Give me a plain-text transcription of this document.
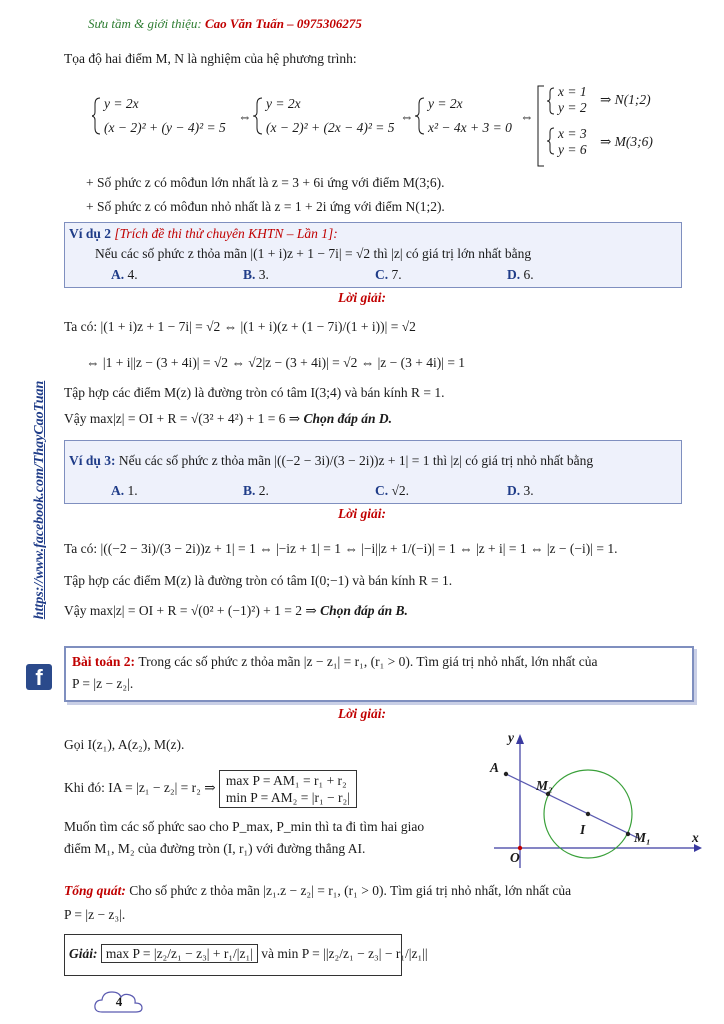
Sưu tầm & giới thiệu: Cao Văn Tuấn – 0975306275
https://www.facebook.com/ThayCaoTuan
f
Tọa độ hai điểm M, N là nghiệm của hệ phương trình:
y = 2x
(x − 2)² + (y − 4)² = 5
⇔
y = 2x
(x − 2)² + (2x − 4)² = 5
⇔
y = 2x
x² − 4x + 3 = 0
⇔
x = 1
y = 2
⇒ N(1;2)
x = 3
y = 6
⇒ M(3;6)
+ Số phức z có môđun lớn nhất là z = 3 + 6i ứng với điểm M(3;6).
+ Số phức z có môđun nhỏ nhất là z = 1 + 2i ứng với điểm N(1;2).
Ví dụ 2 [Trích đề thi thử chuyên KHTN – Lần 1]:
Nếu các số phức z thỏa mãn |(1 + i)z + 1 − 7i| = √2 thì |z| có giá trị lớn nhất bằng
A. 4.	B. 3.	C. 7.	D. 6.
Lời giải:
Ta có: |(1 + i)z + 1 − 7i| = √2 ⇔ |(1 + i)(z + (1 − 7i)/(1 + i))| = √2
⇔ |1 + i||z − (3 + 4i)| = √2 ⇔ √2|z − (3 + 4i)| = √2 ⇔ |z − (3 + 4i)| = 1
Tập hợp các điểm M(z) là đường tròn có tâm I(3;4) và bán kính R = 1.
Vậy max|z| = OI + R = √(3² + 4²) + 1 = 6 ⇒ Chọn đáp án D.
Ví dụ 3: Nếu các số phức z thỏa mãn |((−2 − 3i)/(3 − 2i))z + 1| = 1 thì |z| có giá trị nhỏ nhất bằng
A. 1.	B. 2.	C. √2.	D. 3.
Lời giải:
Ta có: |((−2 − 3i)/(3 − 2i))z + 1| = 1 ⇔ |−iz + 1| = 1 ⇔ |−i||z + 1/(−i)| = 1 ⇔ |z + i| = 1 ⇔ |z − (−i)| = 1.
Tập hợp các điểm M(z) là đường tròn có tâm I(0;−1) và bán kính R = 1.
Vậy max|z| = OI + R = √(0² + (−1)²) + 1 = 2 ⇒ Chọn đáp án B.
Bài toán 2: Trong các số phức z thỏa mãn |z − z₁| = r₁, (r₁ > 0). Tìm giá trị nhỏ nhất, lớn nhất của
P = |z − z₂|.
Lời giải:
Gọi I(z₁), A(z₂), M(z).
Khi đó: IA = |z₁ − z₂| = r₂ ⇒ max P = AM₁ = r₁ + r₂
min P = AM₂ = |r₁ − r₂|
Muốn tìm các số phức sao cho P_max, P_min thì ta đi tìm hai giao
điểm M₁, M₂ của đường tròn (I, r₁) với đường thẳng AI.
y
x
O
A
M₂
I
M₁
Tổng quát: Cho số phức z thỏa mãn |z₁.z − z₂| = r₁, (r₁ > 0). Tìm giá trị nhỏ nhất, lớn nhất của
P = |z − z₃|.
Giải: max P = |z₂/z₁ − z₃| + r₁/|z₁| và min P = ||z₂/z₁ − z₃| − r₁/|z₁||
4
